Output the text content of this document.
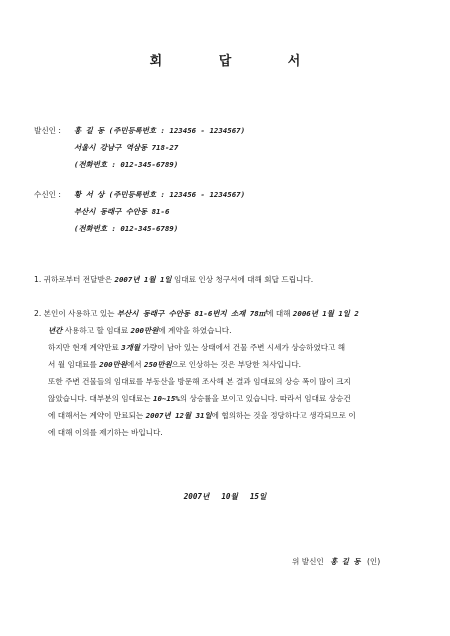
회 답 서
발신인 : 홍 길 동 (주민등록번호 : 123456 - 1234567)
서울시 강남구 역삼동 718-27
(전화번호 : 012-345-6789)
수신인 : 황 서 상 (주민등록번호 : 123456 - 1234567)
부산시 동래구 수안동 81-6
(전화번호 : 012-345-6789)
1. 귀하로부터 전달받은 2007년 1월 1일 임대료 인상 청구서에 대해 회답 드립니다.
2. 본인이 사용하고 있는 부산시 동래구 수안동 81-6번지 소재 78㎡에 대해 2006년 1월 1일 2
년간 사용하고 할 임대료 200만원에 계약을 하였습니다.
하지만 현재 계약만료 3개월 가량이 남아 있는 상태에서 건물 주변 시세가 상승하였다고 해
서 월 임대료를 200만원에서 250만원으로 인상하는 것은 부당한 처사입니다.
또한 주변 건물들의 임대료를 부동산을 방문해 조사해 본 결과 임대료의 상승 폭이 많이 크지
않았습니다. 대부분의 임대료는 10~15%의 상승률을 보이고 있습니다. 따라서 임대료 상승건
에 대해서는 계약이 만료되는 2007년 12월 31일에 협의하는 것을 정당하다고 생각되므로 이
에 대해 이의를 제기하는 바입니다.
2007년 10월 15일
위 발신인 홍 길 동 (인)
